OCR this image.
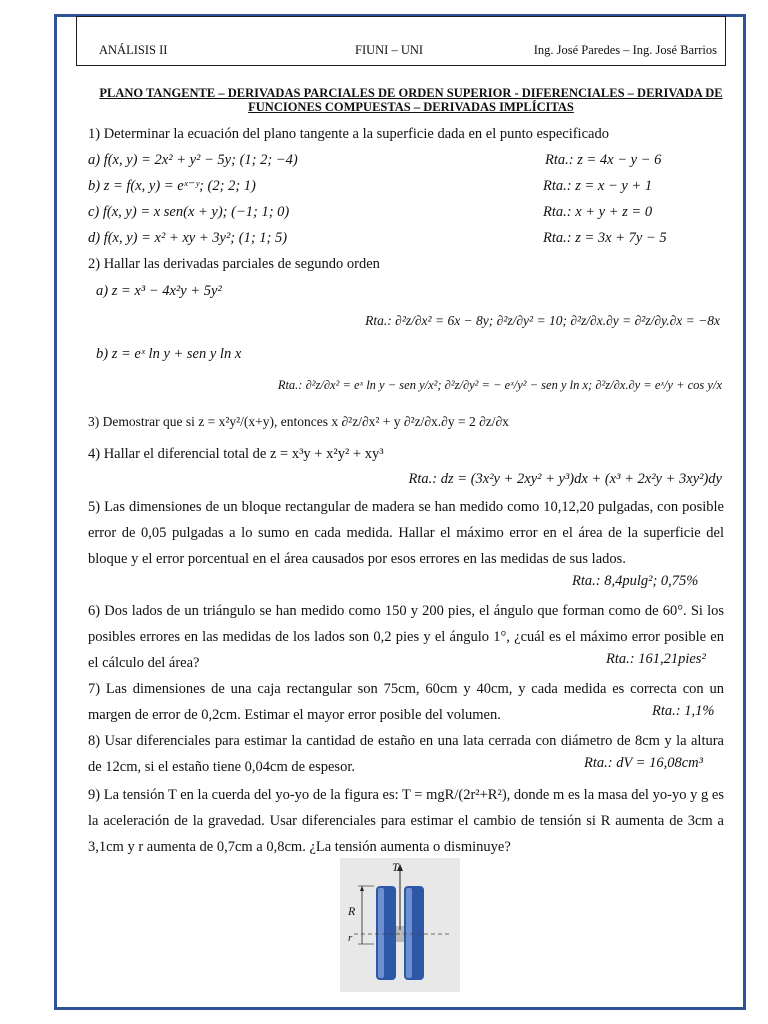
ANÁLISIS II	FIUNI – UNI	Ing. José Paredes – Ing. José Barrios
PLANO TANGENTE – DERIVADAS PARCIALES DE ORDEN SUPERIOR - DIFERENCIALES – DERIVADA DE FUNCIONES COMPUESTAS – DERIVADAS IMPLÍCITAS
1) Determinar la ecuación del plano tangente a la superficie dada en el punto especificado
a) f(x, y) = 2x² + y² − 5y; (1; 2; −4)	Rta.: z = 4x − y − 6
b) z = f(x, y) = eˣ⁻ʸ; (2; 2; 1)	Rta.: z = x − y + 1
c) f(x, y) = x sen(x + y); (−1; 1; 0)	Rta.: x + y + z = 0
d) f(x, y) = x² + xy + 3y²; (1; 1; 5)	Rta.: z = 3x + 7y − 5
2) Hallar las derivadas parciales de segundo orden
a) z = x³ − 4x²y + 5y²
Rta.: ∂²z/∂x² = 6x − 8y; ∂²z/∂y² = 10; ∂²z/∂x.∂y = ∂²z/∂y.∂x = −8x
b) z = eˣ ln y + sen y ln x
Rta.: ∂²z/∂x² = eˣ ln y − sen y/x²; ∂²z/∂y² = − eˣ/y² − sen y ln x; ∂²z/∂x.∂y = eˣ/y + cos y/x
3) Demostrar que si z = x²y²/(x+y), entonces x ∂²z/∂x² + y ∂²z/∂x.∂y = 2 ∂z/∂x
4) Hallar el diferencial total de z = x³y + x²y² + xy³
Rta.: dz = (3x²y + 2xy² + y³)dx + (x³ + 2x²y + 3xy²)dy
5) Las dimensiones de un bloque rectangular de madera se han medido como 10,12,20 pulgadas, con posible error de 0,05 pulgadas a lo sumo en cada medida. Hallar el máximo error en el área de la superficie del bloque y el error porcentual en el área causados por esos errores en las medidas de sus lados.
Rta.: 8,4pulg²; 0,75%
6) Dos lados de un triángulo se han medido como 150 y 200 pies, el ángulo que forman como de 60°. Si los posibles errores en las medidas de los lados son 0,2 pies y el ángulo 1°, ¿cuál es el máximo error posible en el cálculo del área?	Rta.: 161,21pies²
7) Las dimensiones de una caja rectangular son 75cm, 60cm y 40cm, y cada medida es correcta con un margen de error de 0,2cm. Estimar el mayor error posible del volumen.	Rta.: 1,1%
8) Usar diferenciales para estimar la cantidad de estaño en una lata cerrada con diámetro de 8cm y la altura de 12cm, si el estaño tiene 0,04cm de espesor.	Rta.: dV = 16,08cm³
9) La tensión T en la cuerda del yo-yo de la figura es: T = mgR/(2r²+R²), donde m es la masa del yo-yo y g es la aceleración de la gravedad. Usar diferenciales para estimar el cambio de tensión si R aumenta de 3cm a 3,1cm y r aumenta de 0,7cm a 0,8cm. ¿La tensión aumenta o disminuye?
T
R
r
